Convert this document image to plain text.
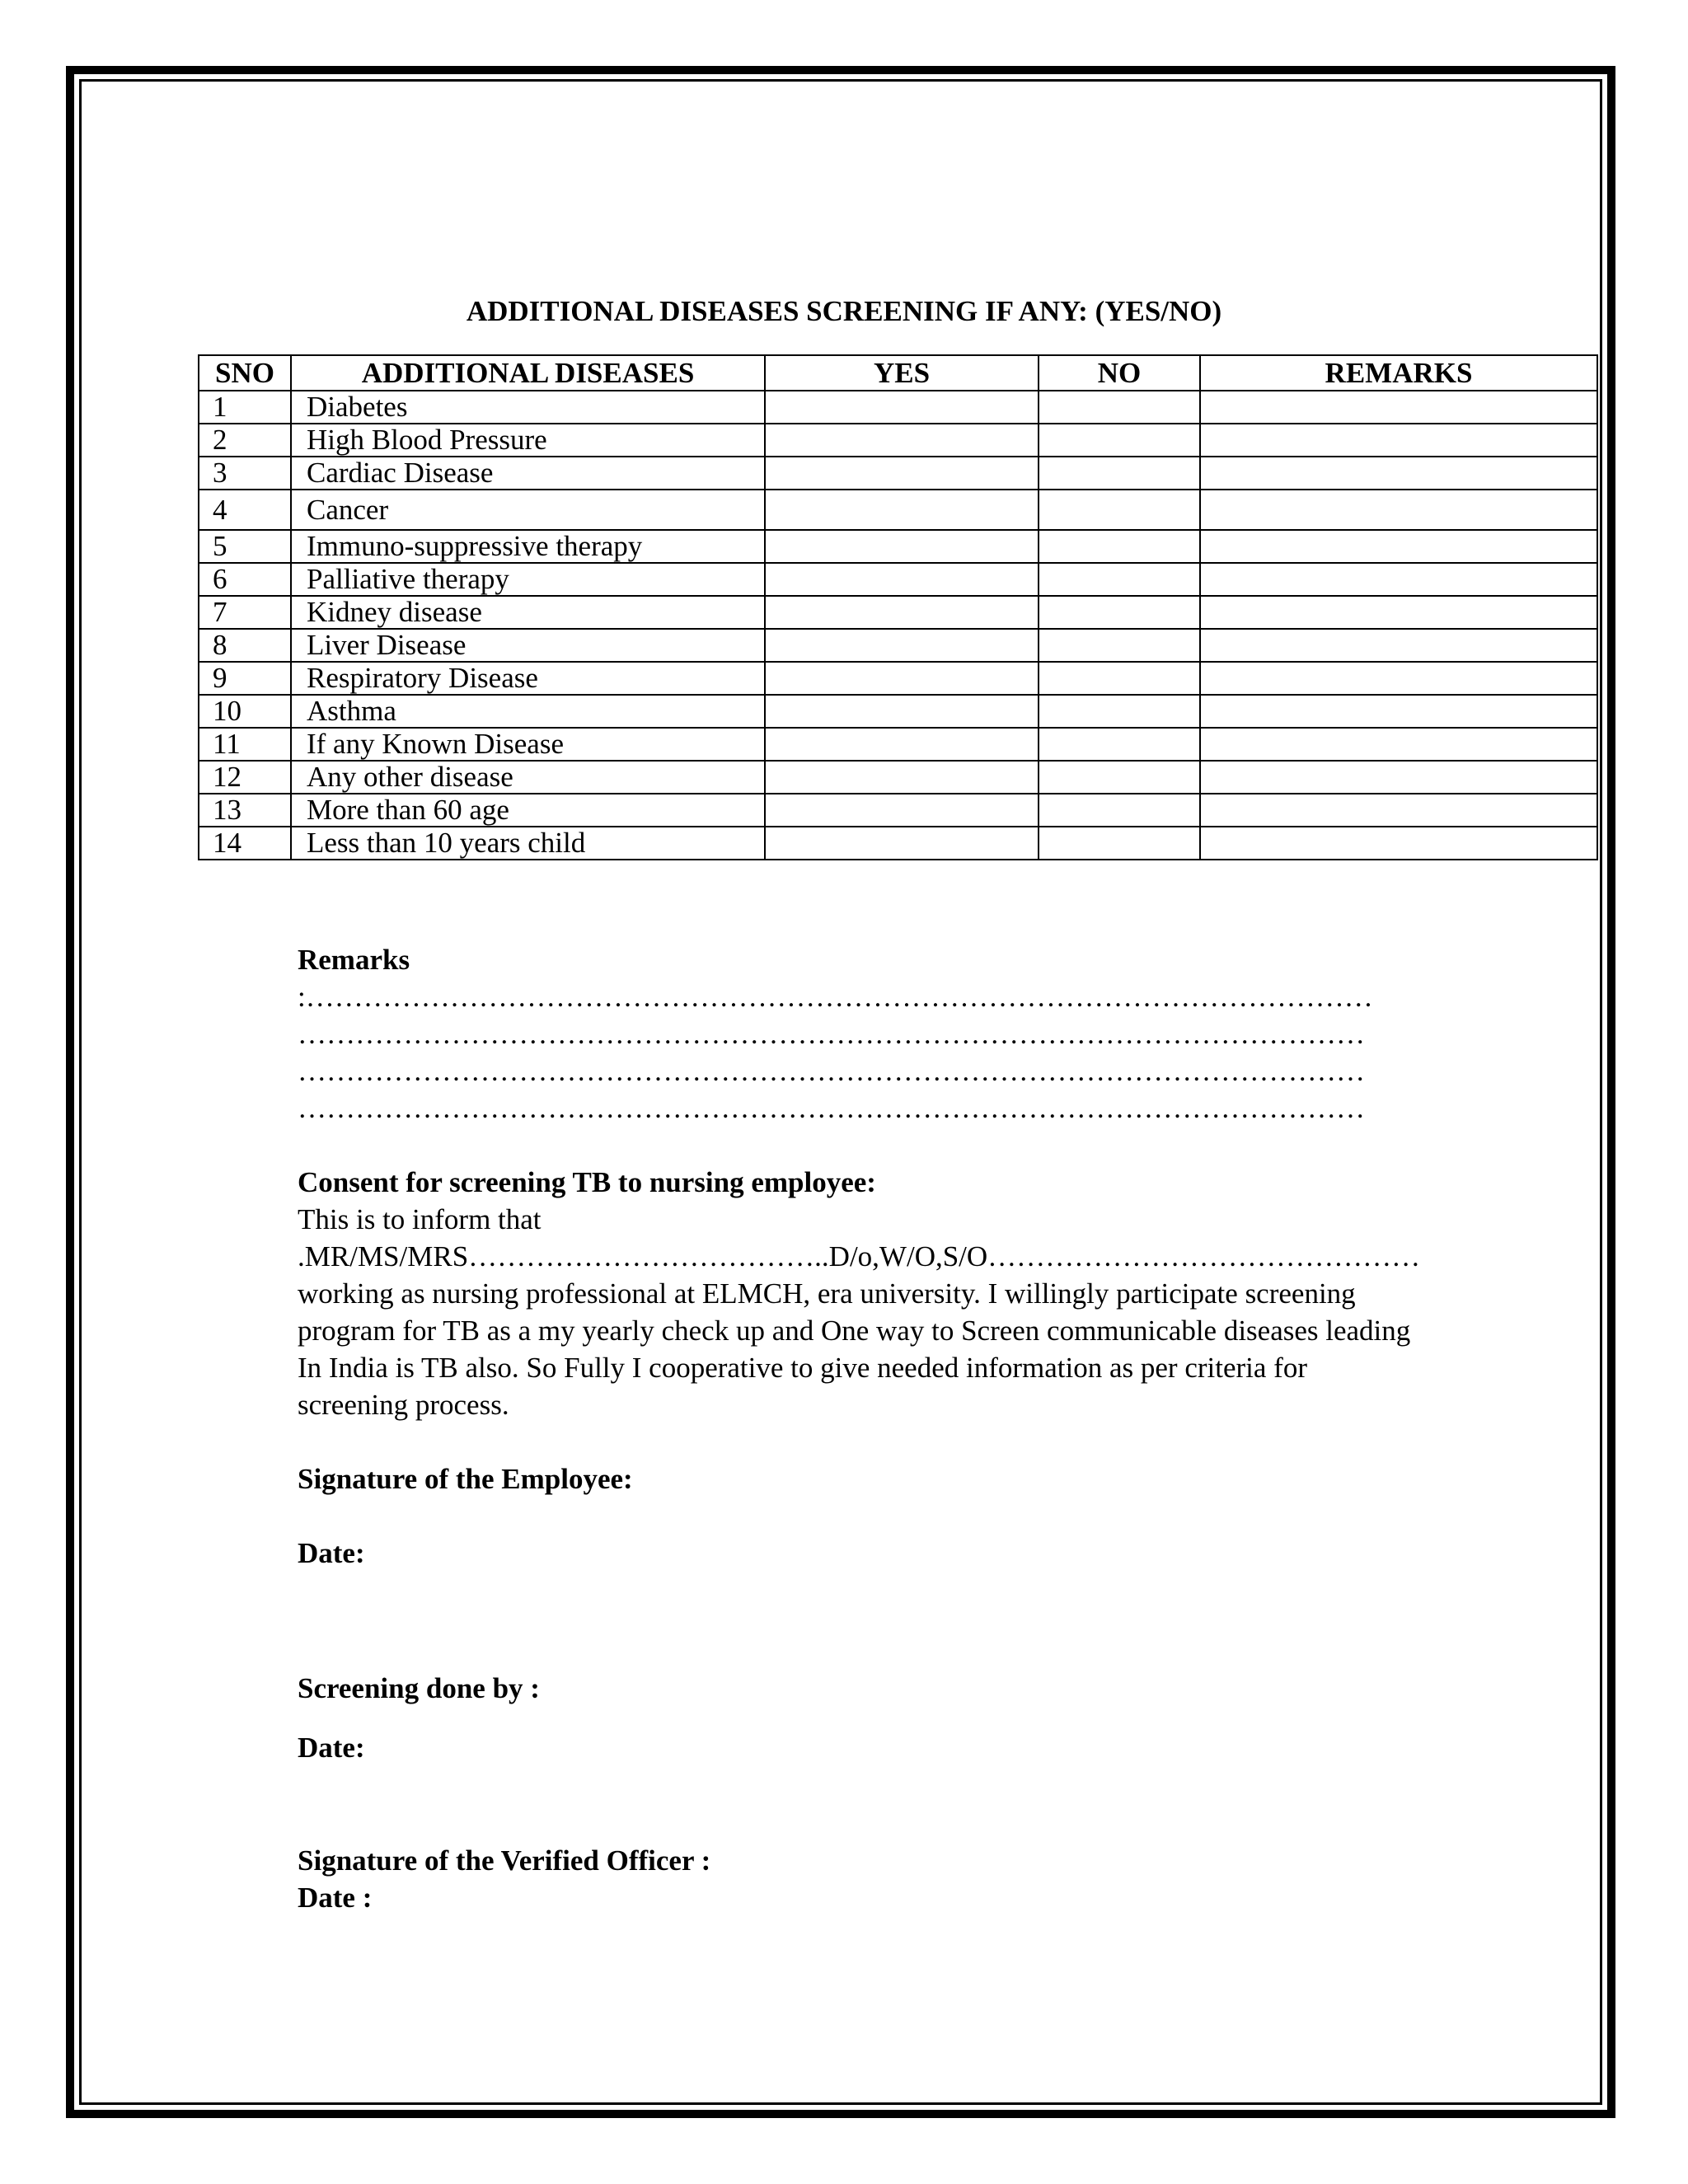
ADDITIONAL DISEASES SCREENING IF ANY: (YES/NO)
SNO	ADDITIONAL DISEASES	YES	NO	REMARKS
1	Diabetes			
2	High Blood Pressure			
3	Cardiac Disease			
4	Cancer			
5	Immuno-suppressive therapy			
6	Palliative therapy			
7	Kidney disease			
8	Liver Disease			
9	Respiratory Disease			
10	Asthma			
11	If any Known Disease			
12	Any other disease			
13	More than 60 age			
14	Less than 10 years child			
Remarks
:…………………………………………………………………………………………………
…………………………………………………………………………………………………
…………………………………………………………………………………………………
…………………………………………………………………………………………………
Consent for screening TB to nursing employee:
This is to inform that
.MR/MS/MRS………………………………..D/o,W/O,S/O………………………………………
working as nursing professional at ELMCH, era university. I willingly participate screening
program for TB as a my yearly check up and One way to Screen communicable diseases leading
In India is TB also. So Fully I cooperative to give needed information as per criteria for
screening process.
Signature of the Employee:
Date:
Screening done by :
Date:
Signature of the Verified Officer :
Date :
